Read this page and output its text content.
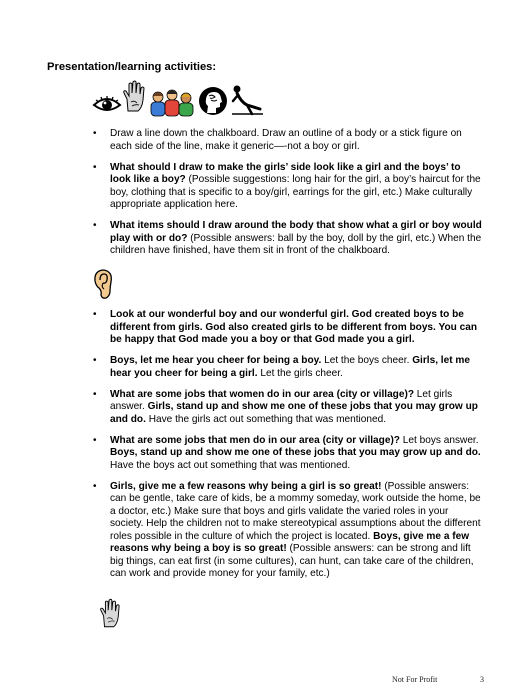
Presentation/learning activities:

• Draw a line down the chalkboard. Draw an outline of a body or a stick figure on each side of the line, make it generic—-not a boy or girl.
• What should I draw to make the girls’ side look like a girl and the boys’ to look like a boy? (Possible suggestions: long hair for the girl, a boy’s haircut for the boy, clothing that is specific to a boy/girl, earrings for the girl, etc.) Make culturally appropriate application here.
• What items should I draw around the body that show what a girl or boy would play with or do? (Possible answers: ball by the boy, doll by the girl, etc.) When the children have finished, have them sit in front of the chalkboard.
• Look at our wonderful boy and our wonderful girl. God created boys to be different from girls. God also created girls to be different from boys. You can be happy that God made you a boy or that God made you a girl.
• Boys, let me hear you cheer for being a boy. Let the boys cheer. Girls, let me hear you cheer for being a girl. Let the girls cheer.
• What are some jobs that women do in our area (city or village)? Let girls answer. Girls, stand up and show me one of these jobs that you may grow up and do. Have the girls act out something that was mentioned.
• What are some jobs that men do in our area (city or village)? Let boys answer. Boys, stand up and show me one of these jobs that you may grow up and do. Have the boys act out something that was mentioned.
• Girls, give me a few reasons why being a girl is so great! (Possible answers: can be gentle, take care of kids, be a mommy someday, work outside the home, be a doctor, etc.) Make sure that boys and girls validate the varied roles in your society. Help the children not to make stereotypical assumptions about the different roles possible in the culture of which the project is located. Boys, give me a few reasons why being a boy is so great! (Possible answers: can be strong and lift big things, can eat first (in some cultures), can hunt, can take care of the children, can work and provide money for your family, etc.)
Not For Profit	3
